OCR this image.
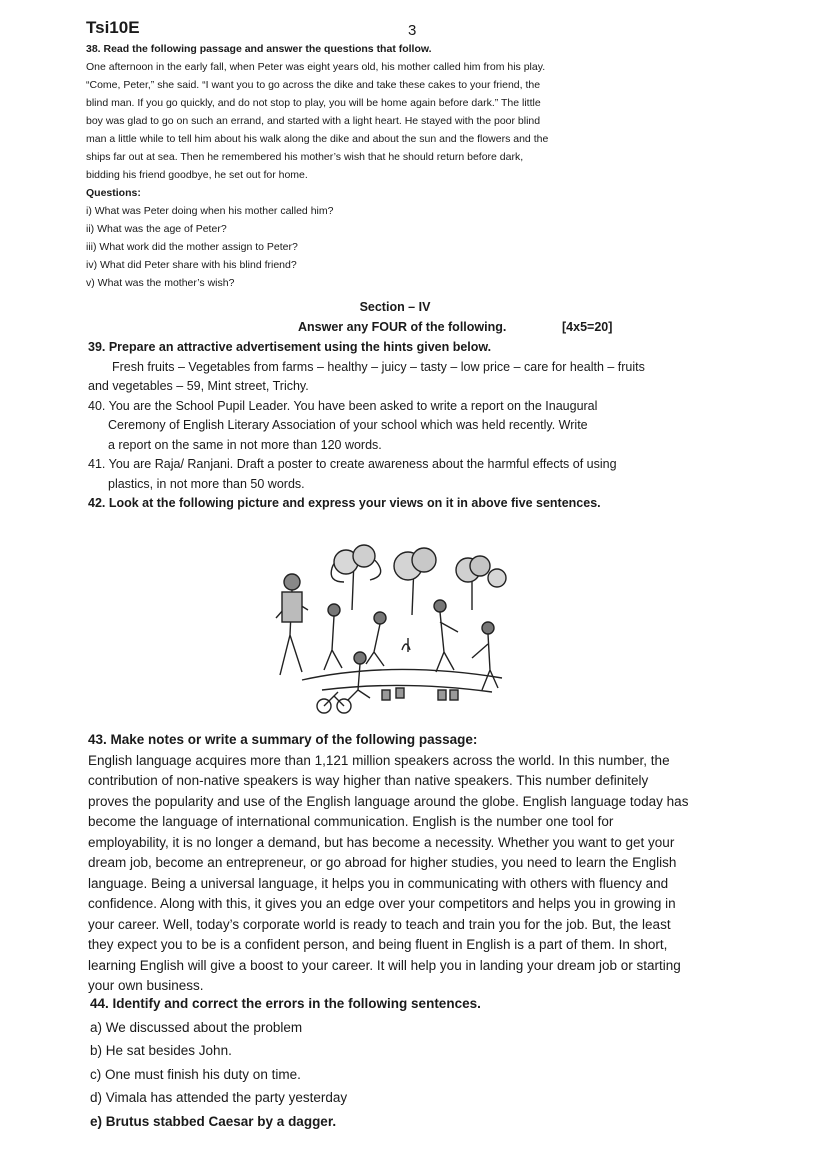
Tsi10E	3

38. Read the following passage and answer the questions that follow.

One afternoon in the early fall, when Peter was eight years old, his mother called him from his play.

“Come, Peter,” she said. “I want you to go across the dike and take these cakes to your friend, the

blind man. If you go quickly, and do not stop to play, you will be home again before dark.” The little

boy was glad to go on such an errand, and started with a light heart. He stayed with the poor blind

man a little while to tell him about his walk along the dike and about the sun and the flowers and the

ships far out at sea. Then he remembered his mother’s wish that he should return before dark,

bidding his friend goodbye, he set out for home.

Questions:

i) What was Peter doing when his mother called him?

ii) What was the age of Peter?

iii) What work did the mother assign to Peter?

iv) What did Peter share with his blind friend?

v) What was the mother’s wish?

Section – IV
Answer any FOUR of the following.	[4x5=20]

39. Prepare an attractive advertisement using the hints given below.

Fresh fruits – Vegetables from farms – healthy – juicy – tasty – low price – care for health – fruits

and vegetables – 59, Mint street, Trichy.

40. You are the School Pupil Leader. You have been asked to write a report on the Inaugural

Ceremony of English Literary Association of your school which was held recently. Write

a report on the same in not more than 120 words.

41. You are Raja/ Ranjani. Draft a poster to create awareness about the harmful effects of using

plastics, in not more than 50 words.

42. Look at the following picture and express your views on it in above five sentences.

43. Make notes or write a summary of the following passage:

English language acquires more than 1,121 million speakers across the world. In this number, the

contribution of non-native speakers is way higher than native speakers. This number definitely

proves the popularity and use of the English language around the globe. English language today has

become the language of international communication. English is the number one tool for

employability, it is no longer a demand, but has become a necessity. Whether you want to get your

dream job, become an entrepreneur, or go abroad for higher studies, you need to learn the English

language. Being a universal language, it helps you in communicating with others with fluency and

confidence. Along with this, it gives you an edge over your competitors and helps you in growing in

your career. Well, today’s corporate world is ready to teach and train you for the job. But, the least

they expect you to be is a confident person, and being fluent in English is a part of them. In short,

learning English will give a boost to your career. It will help you in landing your dream job or starting

your own business.

44. Identify and correct the errors in the following sentences.

a) We discussed about the problem

b) He sat besides John.

c) One must finish his duty on time.

d) Vimala has attended the party yesterday

e) Brutus stabbed Caesar by a dagger.
